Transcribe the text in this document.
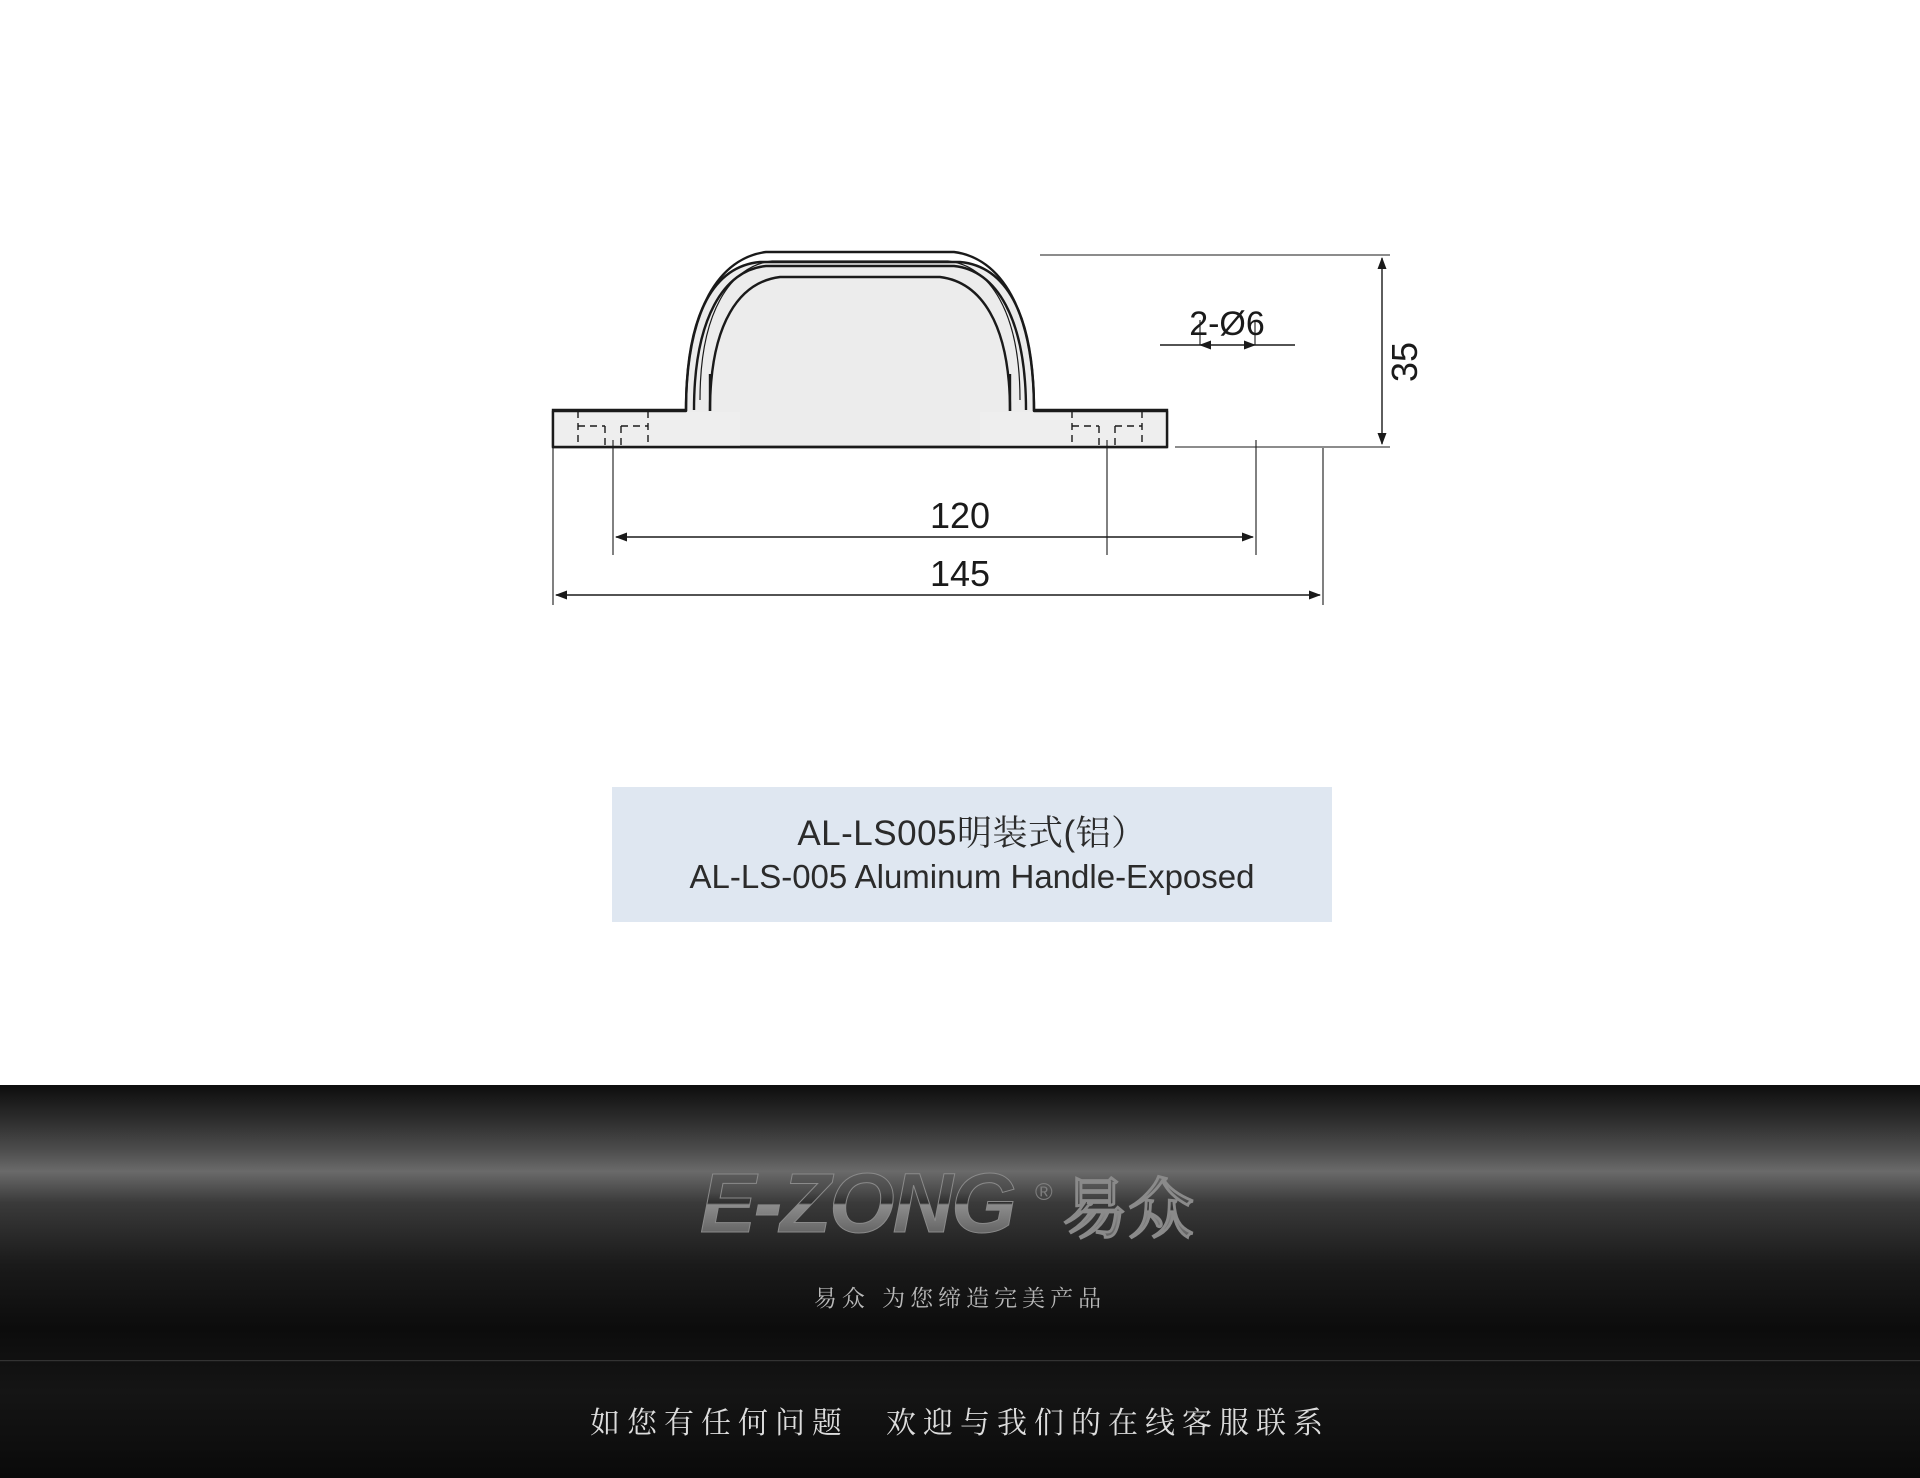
2-Ø6
35
120
145
AL-LS005明装式(铝）
AL-LS-005 Aluminum Handle-Exposed
E-ZONG ® 易众
易众 为您缔造完美产品
如您有任何问题　欢迎与我们的在线客服联系
